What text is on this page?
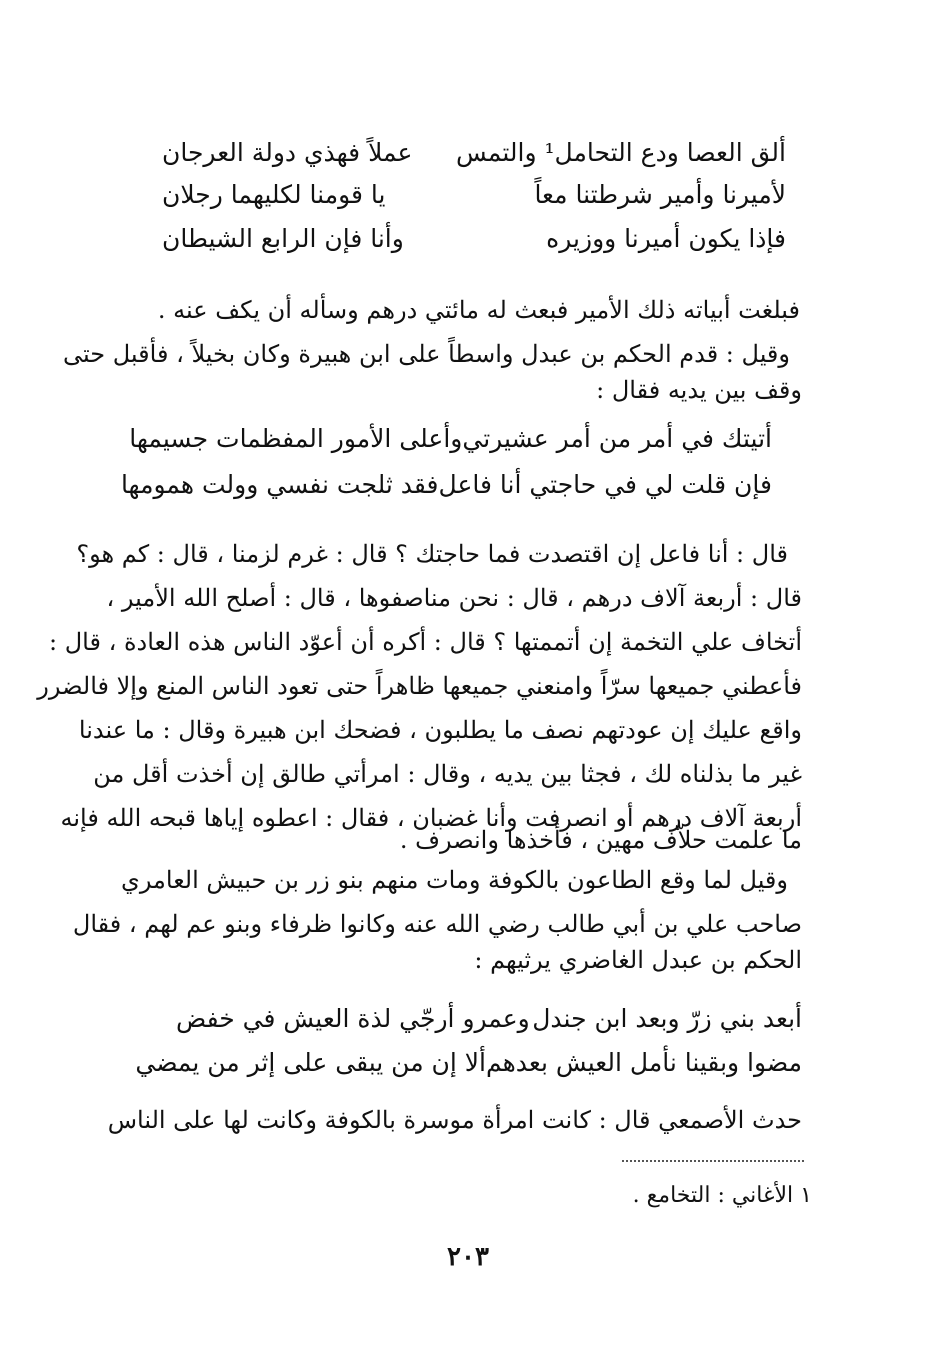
ألق العصا ودع التحامل¹ والتمس
عملاً فهذي دولة العرجان
لأميرنا وأمير شرطتنا معاً
يا قومنا لكليهما رجلان
فإذا يكون أميرنا ووزيره
وأنا فإن الرابع الشيطان
فبلغت أبياته ذلك الأمير فبعث له مائتي درهم وسأله أن يكف عنه .
وقيل : قدم الحكم بن عبدل واسطاً على ابن هبيرة وكان بخيلاً ، فأقبل حتى
وقف بين يديه فقال :
أتيتك في أمر من أمر عشيرتي
وأعلى الأمور المفظمات جسيمها
فإن قلت لي في حاجتي أنا فاعل
فقد ثلجت نفسي وولت همومها
قال : أنا فاعل إن اقتصدت فما حاجتك ؟ قال : غرم لزمنا ، قال : كم هو؟
قال : أربعة آلاف درهم ، قال : نحن مناصفوها ، قال : أصلح الله الأمير ،
أتخاف علي التخمة إن أتممتها ؟ قال : أكره أن أعوّد الناس هذه العادة ، قال :
فأعطني جميعها سرّاً وامنعني جميعها ظاهراً حتى تعود الناس المنع وإلا فالضرر
واقع عليك إن عودتهم نصف ما يطلبون ، فضحك ابن هبيرة وقال : ما عندنا
غير ما بذلناه لك ، فجثا بين يديه ، وقال : امرأتي طالق إن أخذت أقل من
أربعة آلاف درهم أو انصرفت وأنا غضبان ، فقال : اعطوه إياها قبحه الله فإنه
ما علمت حلاّف مهين ، فأخذها وانصرف .
وقيل لما وقع الطاعون بالكوفة ومات منهم بنو زر بن حبيش العامري
صاحب علي بن أبي طالب رضي الله عنه وكانوا ظرفاء وبنو عم لهم ، فقال
الحكم بن عبدل الغاضري يرثيهم :
أبعد بني زرّ وبعد ابن جندل
وعمرو أرجّي لذة العيش في خفض
مضوا وبقينا نأمل العيش بعدهم
ألا إن من يبقى على إثر من يمضي
حدث الأصمعي قال : كانت امرأة موسرة بالكوفة وكانت لها على الناس
١ الأغاني : التخامع .
٢٠٣
